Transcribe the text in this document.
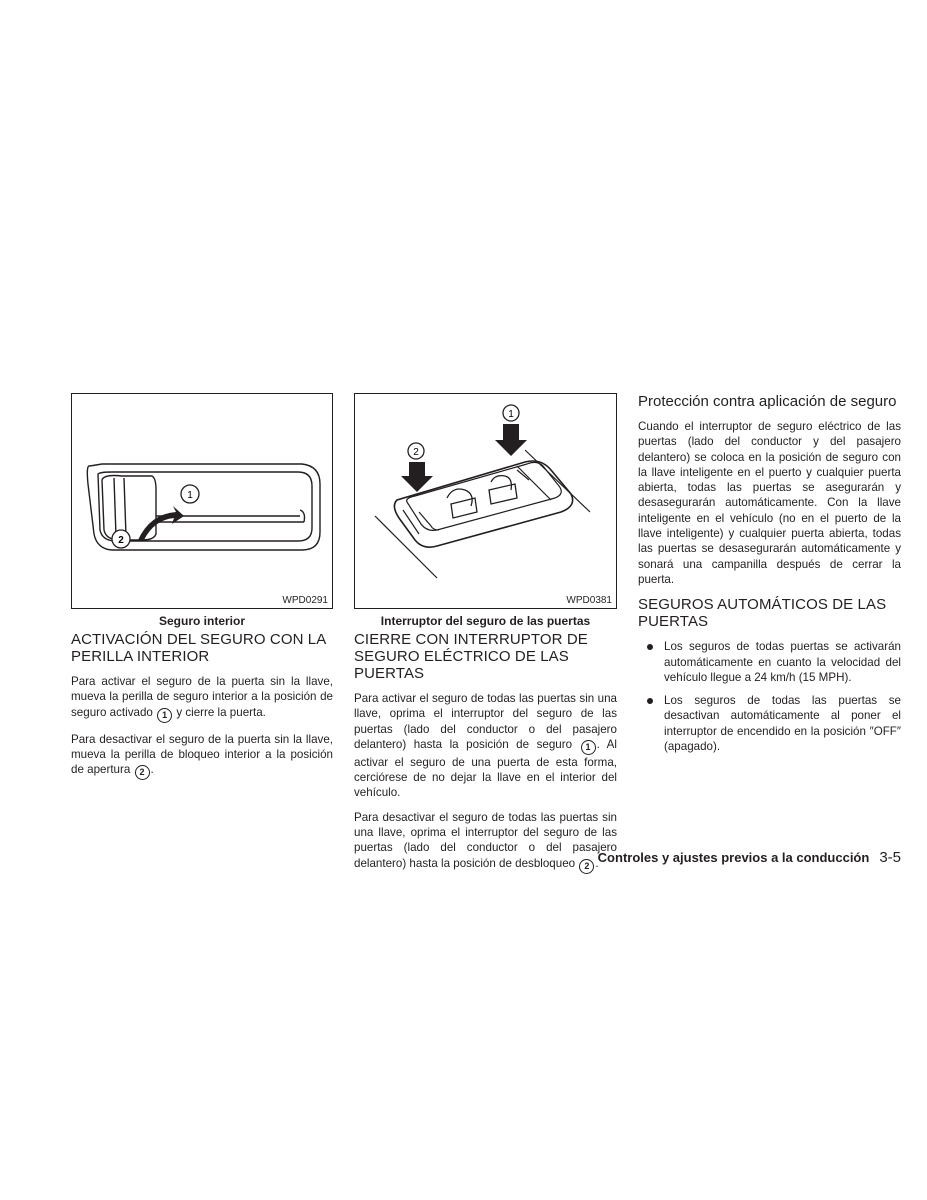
1
2
WPD0291
Seguro interior
ACTIVACIÓN DEL SEGURO CON LA PERILLA INTERIOR

Para activar el seguro de la puerta sin la llave, mueva la perilla de seguro interior a la posición de seguro activado 1 y cierre la puerta.

Para desactivar el seguro de la puerta sin la llave, mueva la perilla de bloqueo interior a la posición de apertura 2 .

1
2
WPD0381
Interruptor del seguro de las puertas
CIERRE CON INTERRUPTOR DE SEGURO ELÉCTRICO DE LAS PUERTAS

Para activar el seguro de todas las puertas sin una llave, oprima el interruptor del seguro de las puertas (lado del conductor o del pasajero delantero) hasta la posición de seguro 1 . Al activar el seguro de una puerta de esta forma, cerciórese de no dejar la llave en el interior del vehículo.

Para desactivar el seguro de todas las puertas sin una llave, oprima el interruptor del seguro de las puertas (lado del conductor o del pasajero delantero) hasta la posición de desbloqueo 2 .

Protección contra aplicación de seguro

Cuando el interruptor de seguro eléctrico de las puertas (lado del conductor y del pasajero delantero) se coloca en la posición de seguro con la llave inteligente en el puerto y cualquier puerta abierta, todas las puertas se asegurarán y desasegurarán automáticamente. Con la llave inteligente en el vehículo (no en el puerto de la llave inteligente) y cualquier puerta abierta, todas las puertas se desasegurarán automáticamente y sonará una campanilla después de cerrar la puerta.

SEGUROS AUTOMÁTICOS DE LAS PUERTAS
Los seguros de todas puertas se activarán automáticamente en cuanto la velocidad del vehículo llegue a 24 km/h (15 MPH).
Los seguros de todas las puertas se desactivan automáticamente al poner el interruptor de encendido en la posición ″OFF″ (apagado).
Controles y ajustes previos a la conducción 3-5
